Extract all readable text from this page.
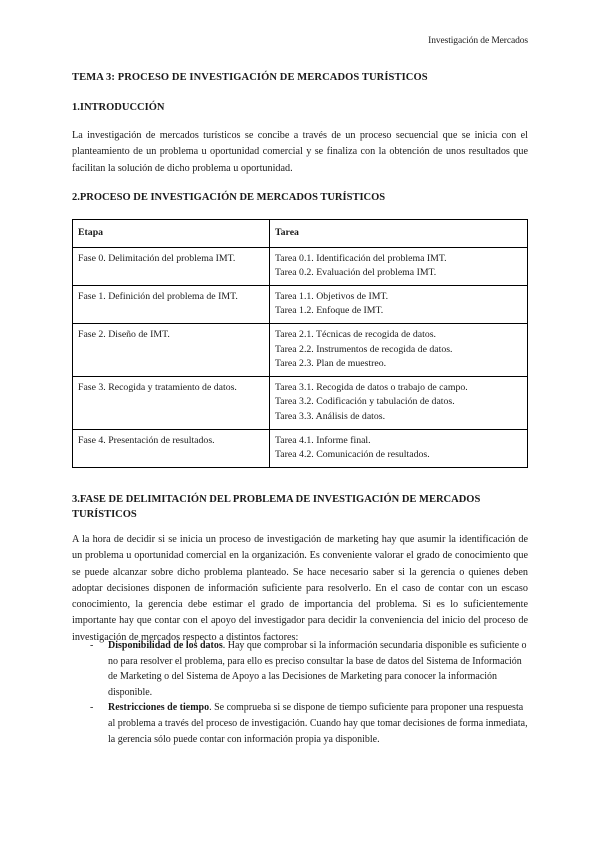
Investigación de Mercados
TEMA 3: PROCESO DE INVESTIGACIÓN DE MERCADOS TURÍSTICOS
1.INTRODUCCIÓN

La investigación de mercados turísticos se concibe a través de un proceso secuencial que se inicia con el planteamiento de un problema u oportunidad comercial y se finaliza con la obtención de unos resultados que facilitan la solución de dicho problema u oportunidad.

2.PROCESO DE INVESTIGACIÓN DE MERCADOS TURÍSTICOS
Etapa	Tarea
Fase 0. Delimitación del problema IMT.	Tarea 0.1. Identificación del problema IMT.
Tarea 0.2. Evaluación del problema IMT.

Fase 1. Definición del problema de IMT.	Tarea 1.1. Objetivos de IMT.
Tarea 1.2. Enfoque de IMT.

Fase 2. Diseño de IMT.	Tarea 2.1. Técnicas de recogida de datos.
Tarea 2.2. Instrumentos de recogida de datos.
Tarea 2.3. Plan de muestreo.

Fase 3. Recogida y tratamiento de datos.	Tarea 3.1. Recogida de datos o trabajo de campo.
Tarea 3.2. Codificación y tabulación de datos.
Tarea 3.3. Análisis de datos.

Fase 4. Presentación de resultados.	Tarea 4.1. Informe final.
Tarea 4.2. Comunicación de resultados.
3.FASE DE DELIMITACIÓN DEL PROBLEMA DE INVESTIGACIÓN DE MERCADOS TURÍSTICOS

A la hora de decidir si se inicia un proceso de investigación de marketing hay que asumir la identificación de un problema u oportunidad comercial en la organización. Es conveniente valorar el grado de conocimiento que se puede alcanzar sobre dicho problema planteado. Se hace necesario saber si la gerencia o quienes deben adoptar decisiones disponen de información suficiente para resolverlo. En el caso de contar con un escaso conocimiento, la gerencia debe estimar el grado de importancia del problema. Si es lo suficientemente importante hay que contar con el apoyo del investigador para decidir la conveniencia del inicio del proceso de investigación de mercados respecto a distintos factores:

- Disponibilidad de los datos. Hay que comprobar si la información secundaria disponible es suficiente o no para resolver el problema, para ello es preciso consultar la base de datos del Sistema de Información de Marketing o del Sistema de Apoyo a las Decisiones de Marketing para conocer la información disponible.
- Restricciones de tiempo. Se comprueba si se dispone de tiempo suficiente para proponer una respuesta al problema a través del proceso de investigación. Cuando hay que tomar decisiones de forma inmediata, la gerencia sólo puede contar con información propia ya disponible.
